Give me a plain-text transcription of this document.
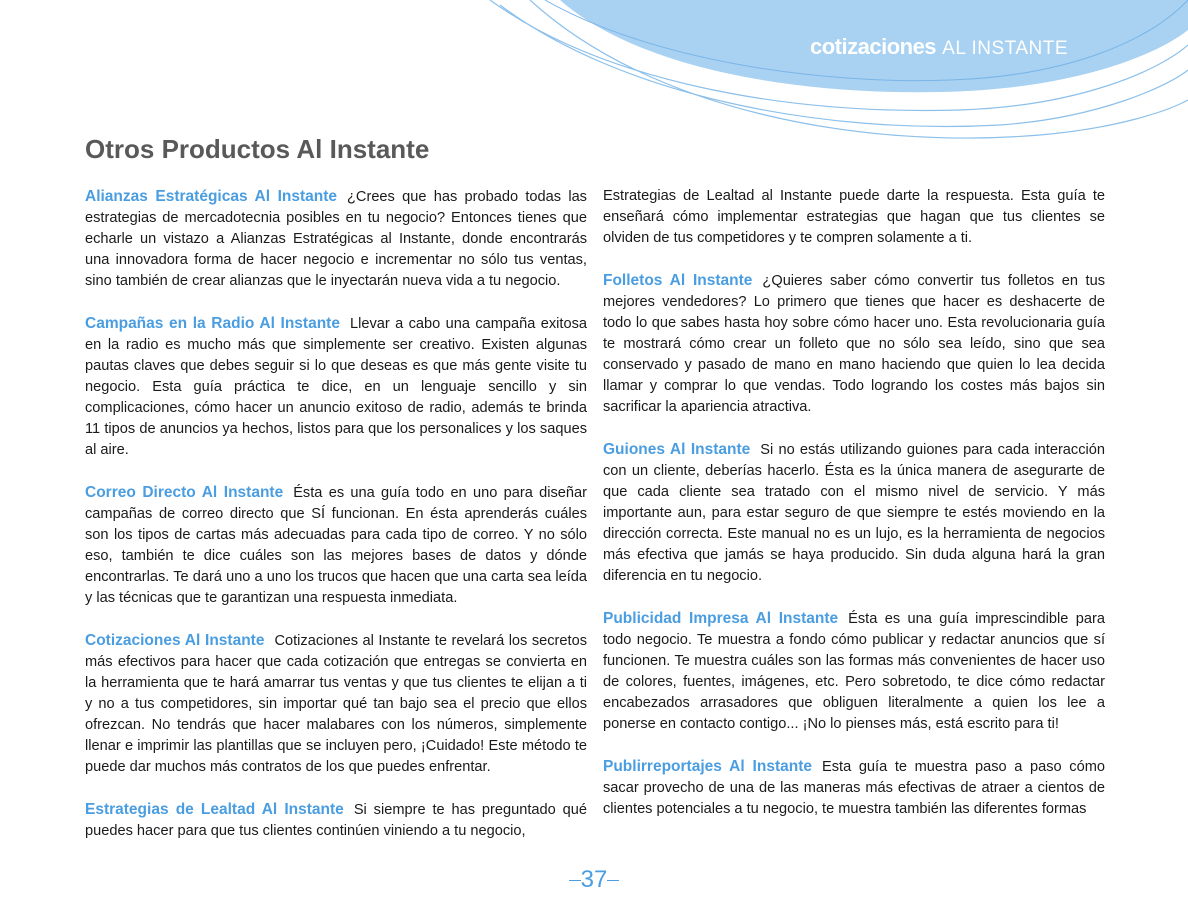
cotizaciones AL INSTANTE
Otros Productos Al Instante

Alianzas Estratégicas Al Instante ¿Crees que has probado todas las estrategias de mercadotecnia posibles en tu negocio? Entonces tienes que echarle un vistazo a Alianzas Estratégicas al Instante, donde encontrarás una innovadora forma de hacer negocio e incrementar no sólo tus ventas, sino también de crear alianzas que le inyectarán nueva vida a tu negocio.

Campañas en la Radio Al Instante Llevar a cabo una campaña exitosa en la radio es mucho más que simplemente ser creativo. Existen algunas pautas claves que debes seguir si lo que deseas es que más gente visite tu negocio. Esta guía práctica te dice, en un lenguaje sencillo y sin complicaciones, cómo hacer un anuncio exitoso de radio, además te brinda 11 tipos de anuncios ya hechos, listos para que los personalices y los saques al aire.

Correo Directo Al Instante Ésta es una guía todo en uno para diseñar campañas de correo directo que SÍ funcionan. En ésta aprenderás cuáles son los tipos de cartas más adecuadas para cada tipo de correo. Y no sólo eso, también te dice cuáles son las mejores bases de datos y dónde encontrarlas. Te dará uno a uno los trucos que hacen que una carta sea leída y las técnicas que te garantizan una respuesta inmediata.

Cotizaciones Al Instante Cotizaciones al Instante te revelará los secretos más efectivos para hacer que cada cotización que entregas se convierta en la herramienta que te hará amarrar tus ventas y que tus clientes te elijan a ti y no a tus competidores, sin importar qué tan bajo sea el precio que ellos ofrezcan. No tendrás que hacer malabares con los números, simplemente llenar e imprimir las plantillas que se incluyen pero, ¡Cuidado! Este método te puede dar muchos más contratos de los que puedes enfrentar.

Estrategias de Lealtad Al Instante Si siempre te has preguntado qué puedes hacer para que tus clientes continúen viniendo a tu negocio,

Estrategias de Lealtad al Instante puede darte la respuesta. Esta guía te enseñará cómo implementar estrategias que hagan que tus clientes se olviden de tus competidores y te compren solamente a ti.

Folletos Al Instante ¿Quieres saber cómo convertir tus folletos en tus mejores vendedores? Lo primero que tienes que hacer es deshacerte de todo lo que sabes hasta hoy sobre cómo hacer uno. Esta revolucionaria guía te mostrará cómo crear un folleto que no sólo sea leído, sino que sea conservado y pasado de mano en mano haciendo que quien lo lea decida llamar y comprar lo que vendas. Todo logrando los costes más bajos sin sacrificar la apariencia atractiva.

Guiones Al Instante Si no estás utilizando guiones para cada interacción con un cliente, deberías hacerlo. Ésta es la única manera de asegurarte de que cada cliente sea tratado con el mismo nivel de servicio. Y más importante aun, para estar seguro de que siempre te estés moviendo en la dirección correcta. Este manual no es un lujo, es la herramienta de negocios más efectiva que jamás se haya producido. Sin duda alguna hará la gran diferencia en tu negocio.

Publicidad Impresa Al Instante Ésta es una guía imprescindible para todo negocio. Te muestra a fondo cómo publicar y redactar anuncios que sí funcionen. Te muestra cuáles son las formas más convenientes de hacer uso de colores, fuentes, imágenes, etc. Pero sobretodo, te dice cómo redactar encabezados arrasadores que obliguen literalmente a quien los lee a ponerse en contacto contigo... ¡No lo pienses más, está escrito para ti!

Publirreportajes Al Instante Esta guía te muestra paso a paso cómo sacar provecho de una de las maneras más efectivas de atraer a cientos de clientes potenciales a tu negocio, te muestra también las diferentes formas

37
